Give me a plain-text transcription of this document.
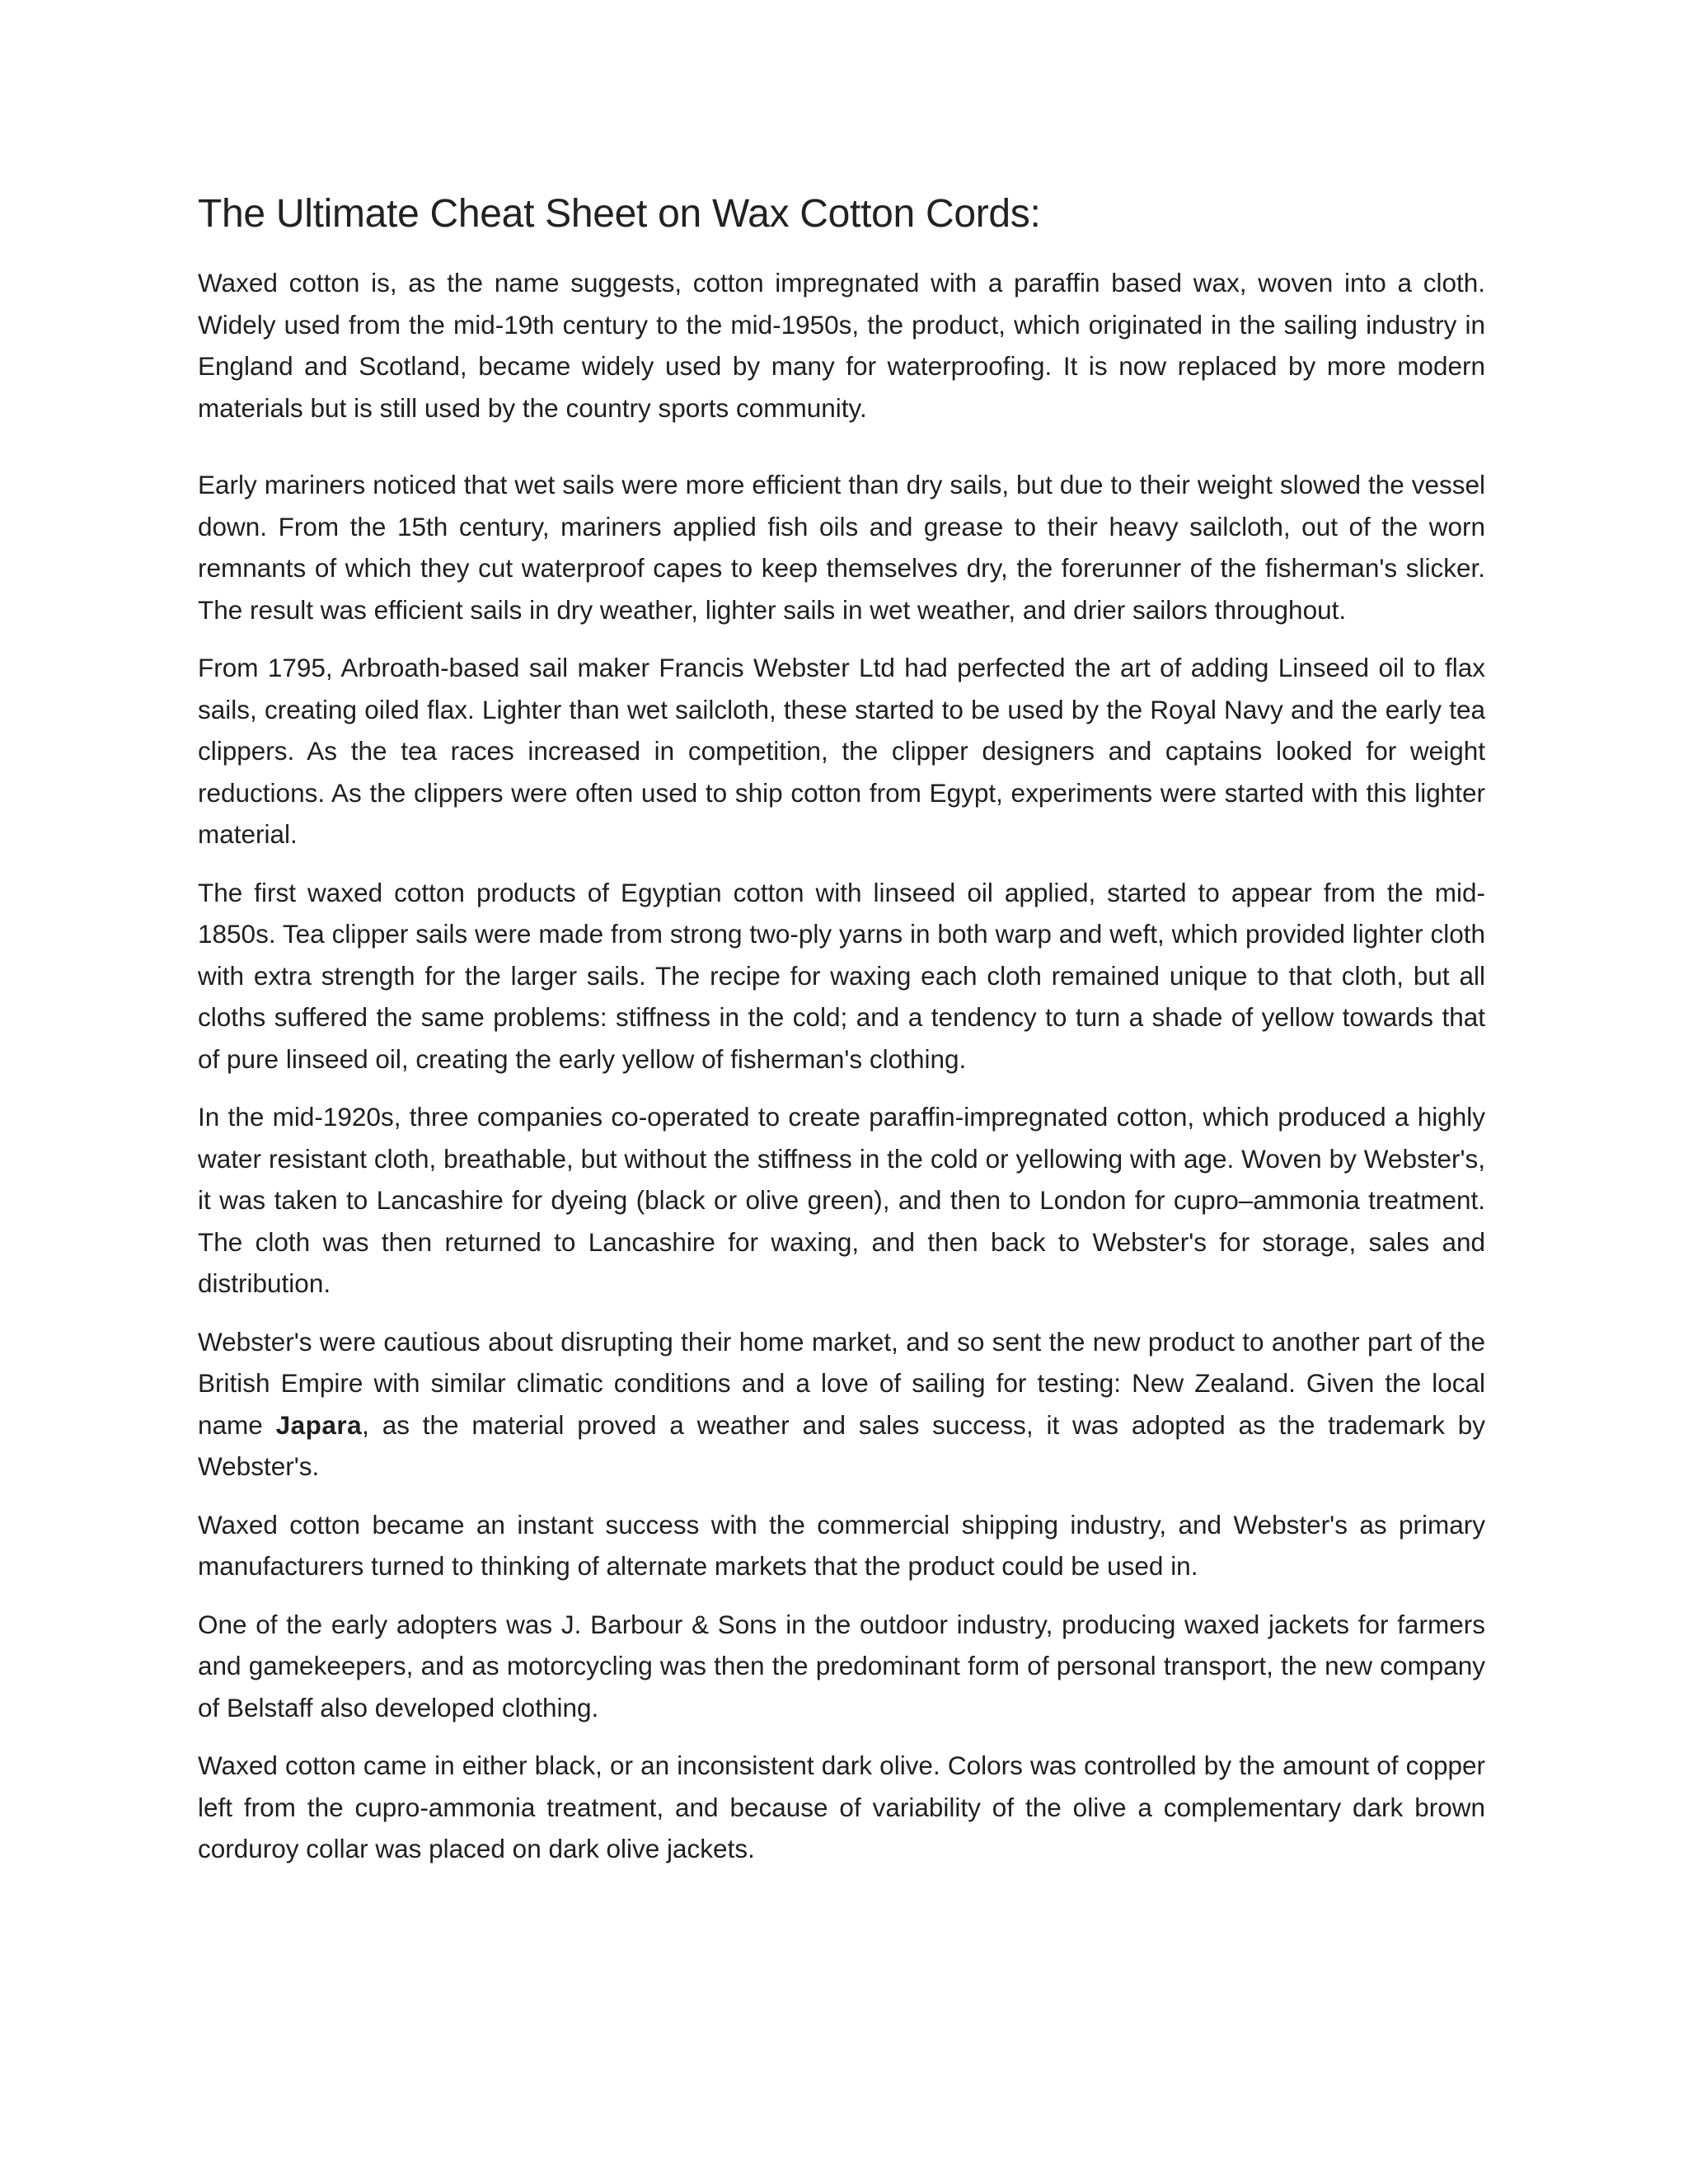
The Ultimate Cheat Sheet on Wax Cotton Cords:

Waxed cotton is, as the name suggests, cotton impregnated with a paraffin based wax, woven into a cloth. Widely used from the mid-19th century to the mid-1950s, the product, which originated in the sailing industry in England and Scotland, became widely used by many for waterproofing. It is now replaced by more modern materials but is still used by the country sports community.

Early mariners noticed that wet sails were more efficient than dry sails, but due to their weight slowed the vessel down. From the 15th century, mariners applied fish oils and grease to their heavy sailcloth, out of the worn remnants of which they cut waterproof capes to keep themselves dry, the forerunner of the fisherman's slicker. The result was efficient sails in dry weather, lighter sails in wet weather, and drier sailors throughout.

From 1795, Arbroath-based sail maker Francis Webster Ltd had perfected the art of adding Linseed oil to flax sails, creating oiled flax. Lighter than wet sailcloth, these started to be used by the Royal Navy and the early tea clippers. As the tea races increased in competition, the clipper designers and captains looked for weight reductions. As the clippers were often used to ship cotton from Egypt, experiments were started with this lighter material.

The first waxed cotton products of Egyptian cotton with linseed oil applied, started to appear from the mid-1850s. Tea clipper sails were made from strong two-ply yarns in both warp and weft, which provided lighter cloth with extra strength for the larger sails. The recipe for waxing each cloth remained unique to that cloth, but all cloths suffered the same problems: stiffness in the cold; and a tendency to turn a shade of yellow towards that of pure linseed oil, creating the early yellow of fisherman's clothing.

In the mid-1920s, three companies co-operated to create paraffin-impregnated cotton, which produced a highly water resistant cloth, breathable, but without the stiffness in the cold or yellowing with age. Woven by Webster's, it was taken to Lancashire for dyeing (black or olive green), and then to London for cupro–ammonia treatment. The cloth was then returned to Lancashire for waxing, and then back to Webster's for storage, sales and distribution.

Webster's were cautious about disrupting their home market, and so sent the new product to another part of the British Empire with similar climatic conditions and a love of sailing for testing: New Zealand. Given the local name Japara, as the material proved a weather and sales success, it was adopted as the trademark by Webster's.

Waxed cotton became an instant success with the commercial shipping industry, and Webster's as primary manufacturers turned to thinking of alternate markets that the product could be used in.

One of the early adopters was J. Barbour & Sons in the outdoor industry, producing waxed jackets for farmers and gamekeepers, and as motorcycling was then the predominant form of personal transport, the new company of Belstaff also developed clothing.

Waxed cotton came in either black, or an inconsistent dark olive. Colors was controlled by the amount of copper left from the cupro-ammonia treatment, and because of variability of the olive a complementary dark brown corduroy collar was placed on dark olive jackets.
